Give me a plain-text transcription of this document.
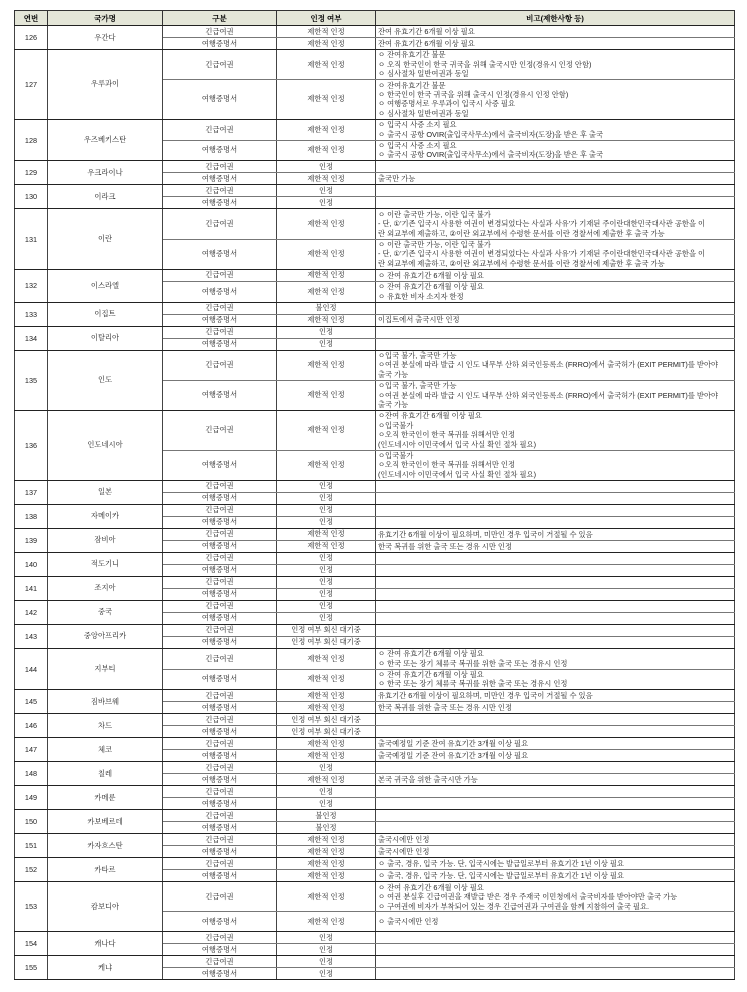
연번	국가명	구분	인정 여부	비고(제한사항 등)
126	우간다	긴급여권	제한적 인정	잔여 유효기간 6개월 이상 필요

		여행증명서	제한적 인정	잔여 유효기간 6개월 이상 필요

127	우루과이	긴급여권	제한적 인정	ㅇ 잔여유효기간 불문
ㅇ 오직 한국인이 한국 귀국을 위해 출국시만 인정(경유시 인정 안함)
ㅇ 심사절차 일반여권과 동일

		여행증명서	제한적 인정	ㅇ 잔여유효기간 불문
ㅇ 한국인이 한국 귀국을 위해 출국시 인정(경유시 인정 안함)
ㅇ 여행증명서로 우루과이 입국시 사증 필요
ㅇ 심사절차 일반여권과 동일

128	우즈베키스탄	긴급여권	제한적 인정	ㅇ 입국시 사증 소지 필요
ㅇ 출국시 공항 OVIR(출입국사무소)에서 출국비자(도장)을 받은 후 출국

		여행증명서	제한적 인정	ㅇ 입국시 사증 소지 필요
ㅇ 출국시 공항 OVIR(출입국사무소)에서 출국비자(도장)을 받은 후 출국

129	우크라이나	긴급여권	인정	
		여행증명서	제한적 인정	출국만 가능

130	이라크	긴급여권	인정	
		여행증명서	인정	
131	이란	긴급여권	제한적 인정	ㅇ 이란 출국만 가능, 이란 입국 불가
- 단, ①'기존 입국시 사용한 여권이 변경되었다는 사실과 사유'가 기재된 주이란대한민국대사관 공한을 이
란 외교부에 제출하고, ②이란 외교부에서 수령한 문서를 이란 경찰서에 제출한 후 출국 가능

		여행증명서	제한적 인정	ㅇ 이란 출국만 가능, 이란 입국 불가
- 단, ①'기존 입국시 사용한 여권이 변경되었다는 사실과 사유'가 기재된 주이란대한민국대사관 공한을 이
란 외교부에 제출하고, ②이란 외교부에서 수령한 문서를 이란 경찰서에 제출한 후 출국 가능

132	이스라엘	긴급여권	제한적 인정	ㅇ 잔여 유효기간 6개월 이상 필요

		여행증명서	제한적 인정	ㅇ 잔여 유효기간 6개월 이상 필요
ㅇ 유효한 비자 소지자 한정

133	이집트	긴급여권	불인정	
		여행증명서	제한적 인정	이집트에서 출국시만 인정

134	이탈리아	긴급여권	인정	
		여행증명서	인정	
135	인도	긴급여권	제한적 인정	ㅇ입국 불가, 출국만 가능
ㅇ여권 분실에 따라 발급 시 인도 내무부 산하 외국인등록소 (FRRO)에서 출국허가 (EXIT PERMIT)를 받아야
출국 가능

		여행증명서	제한적 인정	ㅇ입국 불가, 출국만 가능
ㅇ여권 분실에 따라 발급 시 인도 내무부 산하 외국인등록소 (FRRO)에서 출국허가 (EXIT PERMIT)를 받아야
출국 가능

136	인도네시아	긴급여권	제한적 인정	ㅇ잔여 유효기간 6개월 이상 필요
ㅇ입국불가
ㅇ오직 한국인이 한국 복귀를 위해서만 인정
(인도네시아 이민국에서 입국 사실 확인 절차 필요)

		여행증명서	제한적 인정	ㅇ입국불가
ㅇ오직 한국인이 한국 복귀를 위해서만 인정
(인도네시아 이민국에서 입국 사실 확인 절차 필요)

137	일본	긴급여권	인정	
		여행증명서	인정	
138	자메이카	긴급여권	인정	
		여행증명서	인정	
139	잠비아	긴급여권	제한적 인정	유효기간 6개월 이상이 필요하며, 미만인 경우 입국이 거절될 수 있음

		여행증명서	제한적 인정	한국 복귀를 위한 출국 또는 경유 시만 인정

140	적도기니	긴급여권	인정	
		여행증명서	인정	
141	조지아	긴급여권	인정	
		여행증명서	인정	
142	중국	긴급여권	인정	
		여행증명서	인정	
143	중앙아프리카	긴급여권	인정 여부 회신 대기중	
		여행증명서	인정 여부 회신 대기중	
144	지부티	긴급여권	제한적 인정	ㅇ 잔여 유효기간 6개월 이상 필요
ㅇ 한국 또는 장기 체류국 복귀를 위한 출국 또는 경유시 인정

		여행증명서	제한적 인정	ㅇ 잔여 유효기간 6개월 이상 필요
ㅇ 한국 또는 장기 체류국 복귀를 위한 출국 또는 경유시 인정

145	짐바브웨	긴급여권	제한적 인정	유효기간 6개월 이상이 필요하며, 미만인 경우 입국이 거절될 수 있음

		여행증명서	제한적 인정	한국 복귀를 위한 출국 또는 경유 시만 인정

146	차드	긴급여권	인정 여부 회신 대기중	
		여행증명서	인정 여부 회신 대기중	
147	체코	긴급여권	제한적 인정	출국예정일 기준 잔여 유효기간 3개월 이상 필요

		여행증명서	제한적 인정	출국예정일 기준 잔여 유효기간 3개월 이상 필요

148	칠레	긴급여권	인정	
		여행증명서	제한적 인정	본국 귀국을 위한 출국시만 가능

149	카메룬	긴급여권	인정	
		여행증명서	인정	
150	카보베르데	긴급여권	불인정	
		여행증명서	불인정	
151	카자흐스탄	긴급여권	제한적 인정	출국시에만 인정

		여행증명서	제한적 인정	출국시에만 인정

152	카타르	긴급여권	제한적 인정	ㅇ 출국, 경유, 입국 가능. 단, 입국시에는 발급일로부터 유효기간 1년 이상 필요

		여행증명서	제한적 인정	ㅇ 출국, 경유, 입국 가능. 단, 입국시에는 발급일로부터 유효기간 1년 이상 필요

153	캄보디아	긴급여권	제한적 인정	ㅇ 잔여 유효기간 6개월 이상 필요
ㅇ 여권 분실후 긴급여권을 재발급 받은 경우 주재국 이민청에서 출국비자를 받아야만 출국 가능
ㅇ 구여권에 비자가 부착되어 있는 경우 긴급여권과 구여권을 함께 지참하여 출국 필요.

		여행증명서	제한적 인정	ㅇ 출국시에만 인정

154	캐나다	긴급여권	인정	
		여행증명서	인정	
155	케냐	긴급여권	인정	
		여행증명서	인정	
